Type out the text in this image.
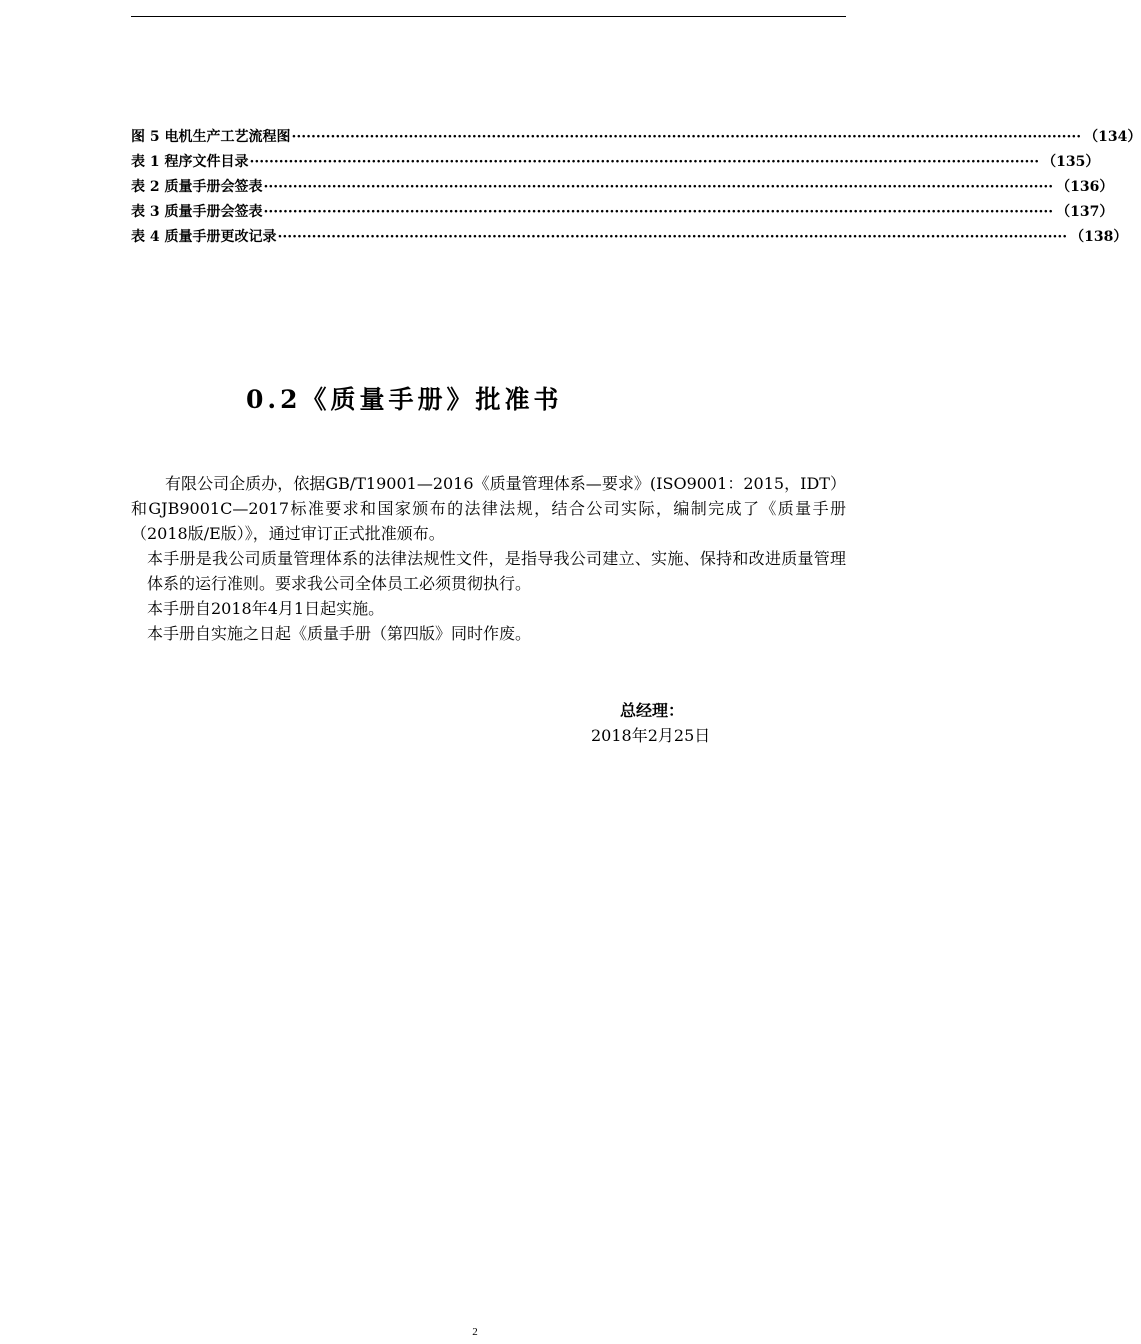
图 5 电机生产工艺流程图 ·································································································································································· （134）
表 1 程序文件目录 ·································································································································································· （135）
表 2 质量手册会签表 ·································································································································································· （136）
表 3 质量手册会签表 ·································································································································································· （137）
表 4 质量手册更改记录 ·································································································································································· （138）
0.2《质量手册》批准书

有限公司企质办，依据GB/T19001—2016《质量管理体系—要求》(ISO9001：2015，IDT）和GJB9001C—2017标准要求和国家颁布的法律法规，结合公司实际，编制完成了《质量手册（2018版/E版）》，通过审订正式批准颁布。

本手册是我公司质量管理体系的法律法规性文件，是指导我公司建立、实施、保持和改进质量管理体系的运行准则。要求我公司全体员工必须贯彻执行。

本手册自2018年4月1日起实施。

本手册自实施之日起《质量手册（第四版》同时作废。

总经理：
2018年2月25日
2
